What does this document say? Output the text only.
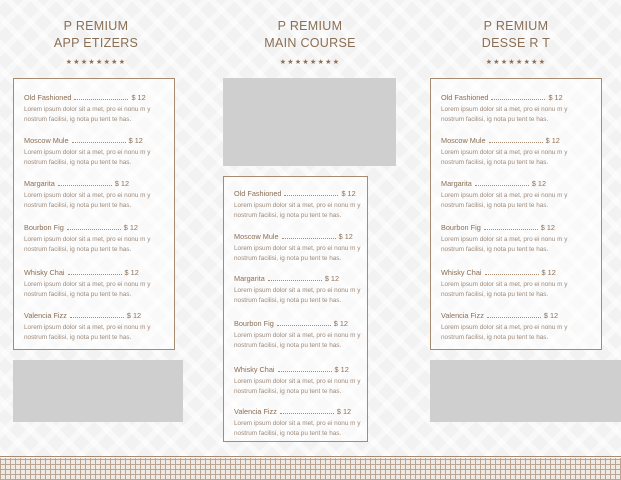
P REMIUM
APP ETIZERS
★★★★★★★★
Old Fashioned	$ 12
Lorem ipsum dolor sit a met, pro ei nonu m y
nostrum facilisi, ig nota pu tent te has.
Moscow Mule	$ 12
Lorem ipsum dolor sit a met, pro ei nonu m y
nostrum facilisi, ig nota pu tent te has.
Margarita	$ 12
Lorem ipsum dolor sit a met, pro ei nonu m y
nostrum facilisi, ig nota pu tent te has.
Bourbon Fig	$ 12
Lorem ipsum dolor sit a met, pro ei nonu m y
nostrum facilisi, ig nota pu tent te has.
Whisky Chai	$ 12
Lorem ipsum dolor sit a met, pro ei nonu m y
nostrum facilisi, ig nota pu tent te has.
Valencia Fizz	$ 12
Lorem ipsum dolor sit a met, pro ei nonu m y
nostrum facilisi, ig nota pu tent te has.
P REMIUM
MAIN COURSE
★★★★★★★★
Old Fashioned	$ 12
Lorem ipsum dolor sit a met, pro ei nonu m y
nostrum facilisi, ig nota pu tent te has.
Moscow Mule	$ 12
Lorem ipsum dolor sit a met, pro ei nonu m y
nostrum facilisi, ig nota pu tent te has.
Margarita	$ 12
Lorem ipsum dolor sit a met, pro ei nonu m y
nostrum facilisi, ig nota pu tent te has.
Bourbon Fig	$ 12
Lorem ipsum dolor sit a met, pro ei nonu m y
nostrum facilisi, ig nota pu tent te has.
Whisky Chai	$ 12
Lorem ipsum dolor sit a met, pro ei nonu m y
nostrum facilisi, ig nota pu tent te has.
Valencia Fizz	$ 12
Lorem ipsum dolor sit a met, pro ei nonu m y
nostrum facilisi, ig nota pu tent te has.
P REMIUM
DESSE R T
★★★★★★★★
Old Fashioned	$ 12
Lorem ipsum dolor sit a met, pro ei nonu m y
nostrum facilisi, ig nota pu tent te has.
Moscow Mule	$ 12
Lorem ipsum dolor sit a met, pro ei nonu m y
nostrum facilisi, ig nota pu tent te has.
Margarita	$ 12
Lorem ipsum dolor sit a met, pro ei nonu m y
nostrum facilisi, ig nota pu tent te has.
Bourbon Fig	$ 12
Lorem ipsum dolor sit a met, pro ei nonu m y
nostrum facilisi, ig nota pu tent te has.
Whisky Chai	$ 12
Lorem ipsum dolor sit a met, pro ei nonu m y
nostrum facilisi, ig nota pu tent te has.
Valencia Fizz	$ 12
Lorem ipsum dolor sit a met, pro ei nonu m y
nostrum facilisi, ig nota pu tent te has.
